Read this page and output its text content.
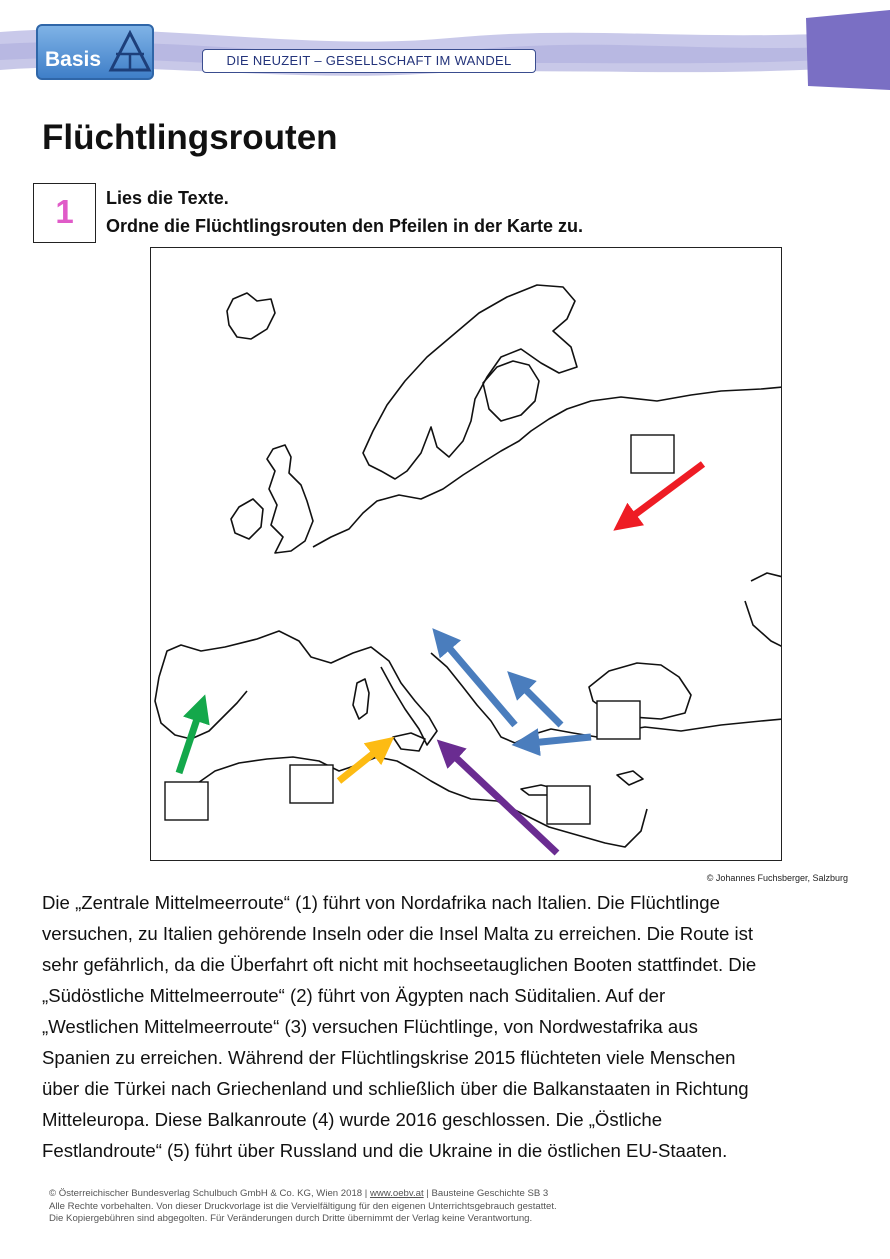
Basis	DIE NEUZEIT – GESELLSCHAFT IM WANDEL
Flüchtlingsrouten
1	Lies die Texte.
Ordne die Flüchtlingsrouten den Pfeilen in der Karte zu.
© Johannes Fuchsberger, Salzburg
Die „Zentrale Mittelmeerroute“ (1) führt von Nordafrika nach Italien. Die Flüchtlinge
versuchen, zu Italien gehörende Inseln oder die Insel Malta zu erreichen. Die Route ist
sehr gefährlich, da die Überfahrt oft nicht mit hochseetauglichen Booten stattfindet. Die
„Südöstliche Mittelmeerroute“ (2) führt von Ägypten nach Süditalien. Auf der
„Westlichen Mittelmeerroute“ (3) versuchen Flüchtlinge, von Nordwestafrika aus
Spanien zu erreichen. Während der Flüchtlingskrise 2015 flüchteten viele Menschen
über die Türkei nach Griechenland und schließlich über die Balkanstaaten in Richtung
Mitteleuropa. Diese Balkanroute (4) wurde 2016 geschlossen. Die „Östliche
Festlandroute“ (5) führt über Russland und die Ukraine in die östlichen EU-Staaten.
© Österreichischer Bundesverlag Schulbuch GmbH & Co. KG, Wien 2018 | www.oebv.at | Bausteine Geschichte SB 3
Alle Rechte vorbehalten. Von dieser Druckvorlage ist die Vervielfältigung für den eigenen Unterrichtsgebrauch gestattet.
Die Kopiergebühren sind abgegolten. Für Veränderungen durch Dritte übernimmt der Verlag keine Verantwortung.
